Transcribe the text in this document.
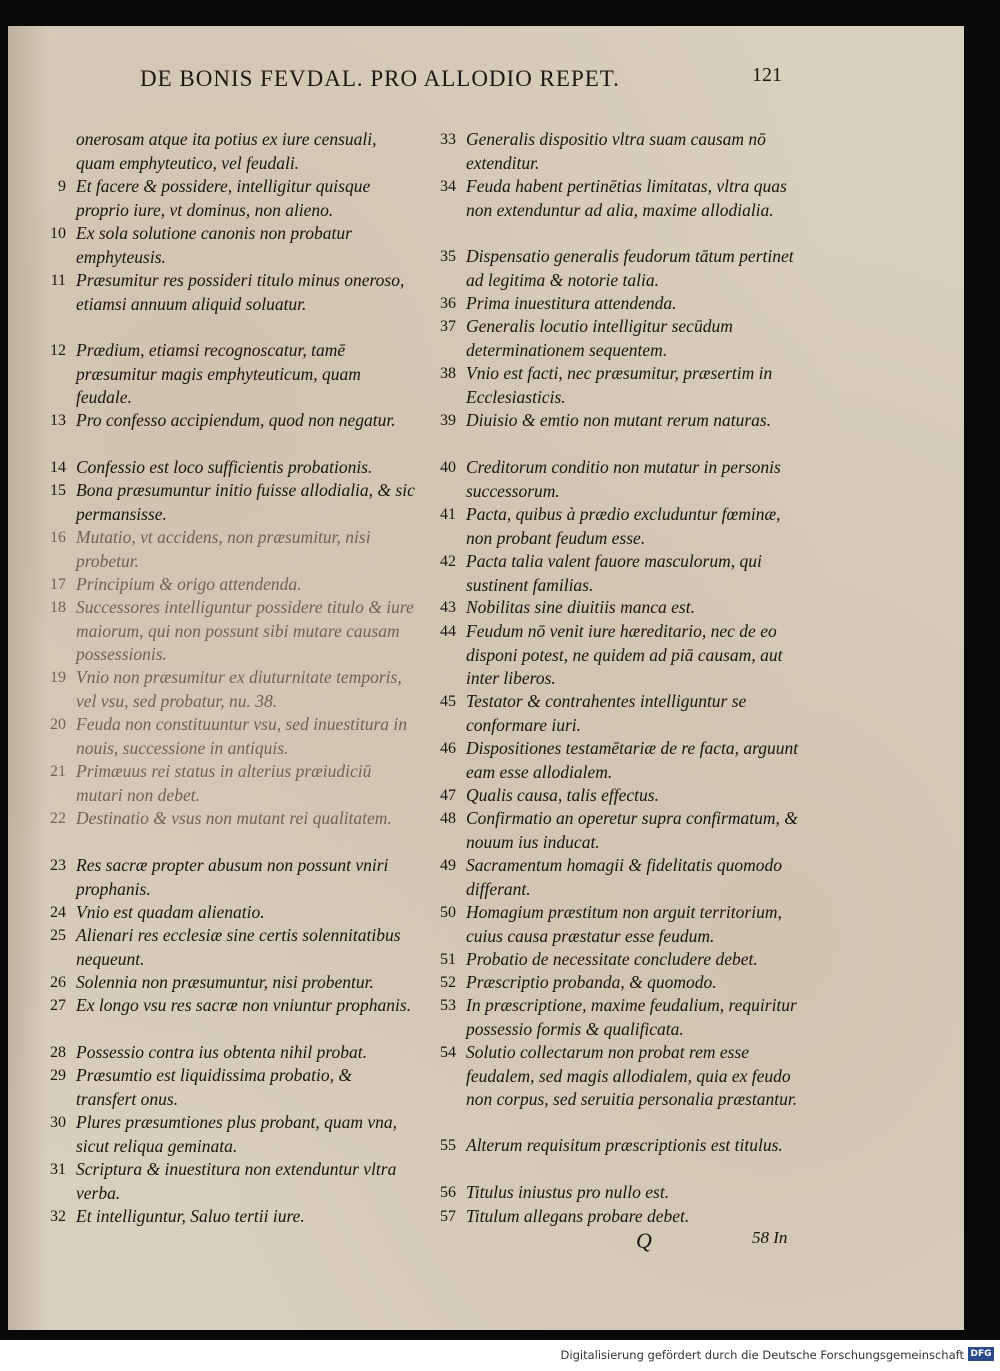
DE BONIS FEVDAL. PRO ALLODIO REPET.	121
onerosam atque ita potius ex iure censuali, quam emphyteutico, vel feudali.
9 Et facere & possidere, intelligitur quisque proprio iure, vt dominus, non alieno.
10 Ex sola solutione canonis non probatur emphyteusis.
11 Præsumitur res possideri titulo minus oneroso, etiamsi annuum aliquid soluatur.
12 Prædium, etiamsi recognoscatur, tamē præsumitur magis emphyteuticum, quam feudale.
13 Pro confesso accipiendum, quod non negatur.
14 Confessio est loco sufficientis probationis.
15 Bona præsumuntur initio fuisse allodialia, & sic permansisse.
16 Mutatio, vt accidens, non præsumitur, nisi probetur.
17 Principium & origo attendenda.
18 Successores intelliguntur possidere titulo & iure maiorum, qui non possunt sibi mutare causam possessionis.
19 Vnio non præsumitur ex diuturnitate temporis, vel vsu, sed probatur, nu. 38.
20 Feuda non constituuntur vsu, sed inuestitura in nouis, successione in antiquis.
21 Primæuus rei status in alterius præiudiciū mutari non debet.
22 Destinatio & vsus non mutant rei qualitatem.
23 Res sacræ propter abusum non possunt vniri prophanis.
24 Vnio est quadam alienatio.
25 Alienari res ecclesiæ sine certis solennitatibus nequeunt.
26 Solennia non præsumuntur, nisi probentur.
27 Ex longo vsu res sacræ non vniuntur prophanis.
28 Possessio contra ius obtenta nihil probat.
29 Præsumtio est liquidissima probatio, & transfert onus.
30 Plures præsumtiones plus probant, quam vna, sicut reliqua geminata.
31 Scriptura & inuestitura non extenduntur vltra verba.
32 Et intelliguntur, Saluo tertii iure.
33 Generalis dispositio vltra suam causam nō extenditur.
34 Feuda habent pertinētias limitatas, vltra quas non extenduntur ad alia, maxime allodialia.
35 Dispensatio generalis feudorum tātum pertinet ad legitima & notorie talia.
36 Prima inuestitura attendenda.
37 Generalis locutio intelligitur secūdum determinationem sequentem.
38 Vnio est facti, nec præsumitur, præsertim in Ecclesiasticis.
39 Diuisio & emtio non mutant rerum naturas.
40 Creditorum conditio non mutatur in personis successorum.
41 Pacta, quibus à prædio excluduntur fœminæ, non probant feudum esse.
42 Pacta talia valent fauore masculorum, qui sustinent familias.
43 Nobilitas sine diuitiis manca est.
44 Feudum nō venit iure hæreditario, nec de eo disponi potest, ne quidem ad piā causam, aut inter liberos.
45 Testator & contrahentes intelliguntur se conformare iuri.
46 Dispositiones testamētariæ de re facta, arguunt eam esse allodialem.
47 Qualis causa, talis effectus.
48 Confirmatio an operetur supra confirmatum, & nouum ius inducat.
49 Sacramentum homagii & fidelitatis quomodo differant.
50 Homagium præstitum non arguit territorium, cuius causa præstatur esse feudum.
51 Probatio de necessitate concludere debet.
52 Præscriptio probanda, & quomodo.
53 In præscriptione, maxime feudalium, requiritur possessio formis & qualificata.
54 Solutio collectarum non probat rem esse feudalem, sed magis allodialem, quia ex feudo non corpus, sed seruitia personalia præstantur.
55 Alterum requisitum præscriptionis est titulus.
56 Titulus iniustus pro nullo est.
57 Titulum allegans probare debet.
Q	58 In
Digitalisierung gefördert durch die Deutsche Forschungsgemeinschaft DFG
